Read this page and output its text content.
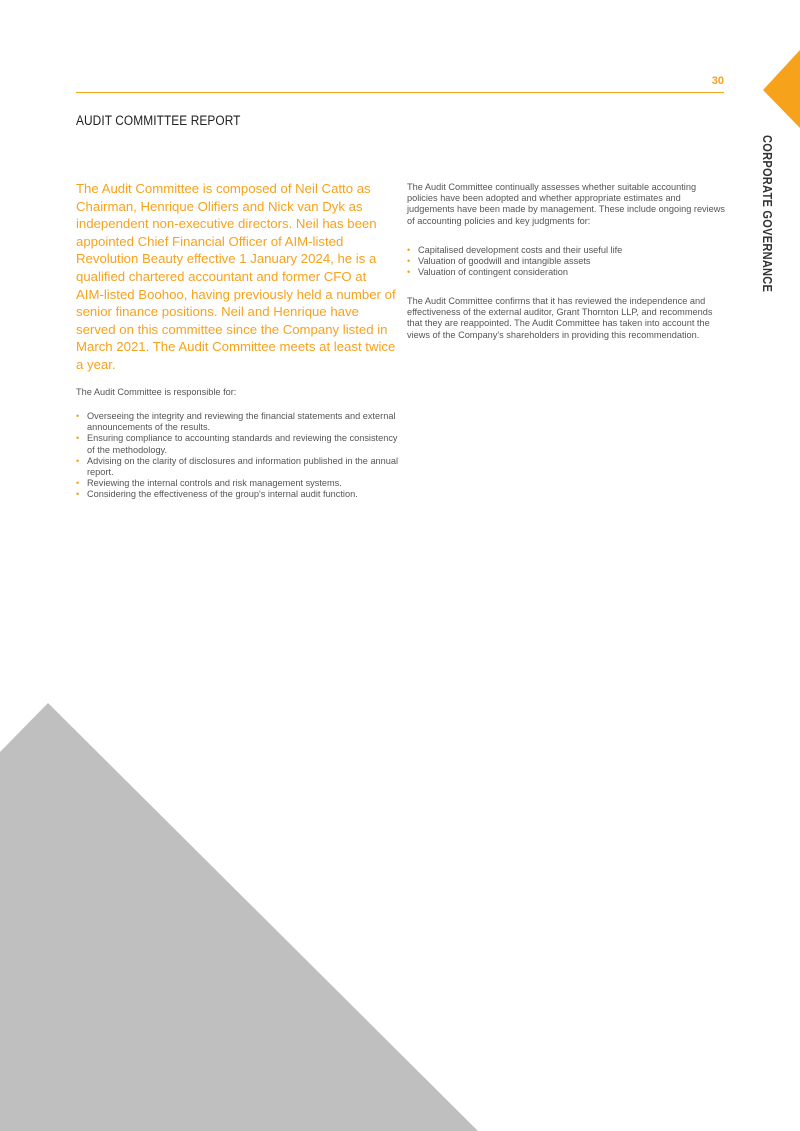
30
AUDIT COMMITTEE REPORT
CORPORATE GOVERNANCE

The Audit Committee is composed of Neil Catto as Chairman, Henrique Olifiers and Nick van Dyk as independent non-executive directors. Neil has been appointed Chief Financial Officer of AIM-listed Revolution Beauty effective 1 January 2024, he is a qualified chartered accountant and former CFO at AIM-listed Boohoo, having previously held a number of senior finance positions. Neil and Henrique have served on this committee since the Company listed in March 2021. The Audit Committee meets at least twice a year.

The Audit Committee is responsible for:

• Overseeing the integrity and reviewing the financial statements and external announcements of the results.
• Ensuring compliance to accounting standards and reviewing the consistency of the methodology.
• Advising on the clarity of disclosures and information published in the annual report.
• Reviewing the internal controls and risk management systems.
• Considering the effectiveness of the group's internal audit function.

The Audit Committee continually assesses whether suitable accounting policies have been adopted and whether appropriate estimates and judgements have been made by management. These include ongoing reviews of accounting policies and key judgments for:

• Capitalised development costs and their useful life
• Valuation of goodwill and intangible assets
• Valuation of contingent consideration

The Audit Committee confirms that it has reviewed the independence and effectiveness of the external auditor, Grant Thornton LLP, and recommends that they are reappointed. The Audit Committee has taken into account the views of the Company's shareholders in providing this recommendation.
